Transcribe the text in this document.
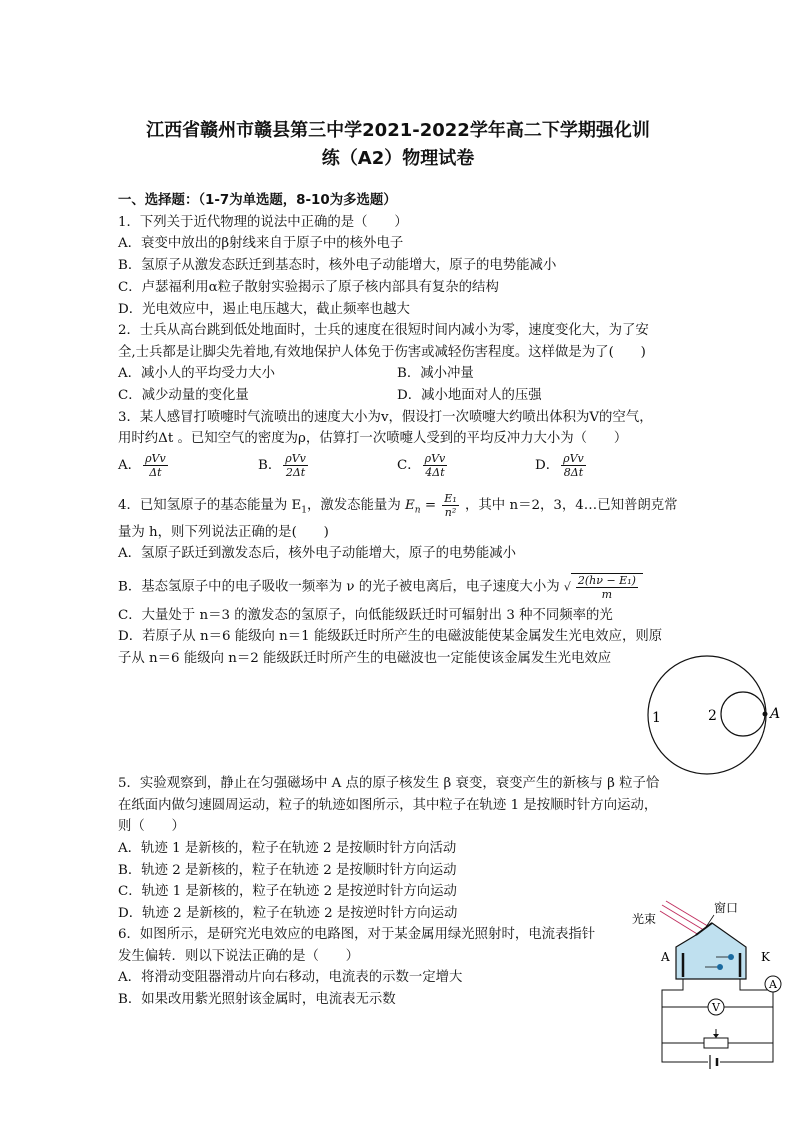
江西省赣州市赣县第三中学2021-2022学年高二下学期强化训
练（A2）物理试卷
一、选择题：（1-7为单选题，8-10为多选题）
1．下列关于近代物理的说法中正确的是（　　）
A．衰变中放出的β射线来自于原子中的核外电子
B．氢原子从激发态跃迁到基态时，核外电子动能增大，原子的电势能减小
C．卢瑟福利用α粒子散射实验揭示了原子核内部具有复杂的结构
D．光电效应中，遏止电压越大，截止频率也越大
2．士兵从高台跳到低处地面时，士兵的速度在很短时间内减小为零，速度变化大，为了安
全,士兵都是让脚尖先着地,有效地保护人体免于伤害或减轻伤害程度。这样做是为了(　　)
A．减小人的平均受力大小	B．减小冲量
C．减少动量的变化量	D．减小地面对人的压强
3．某人感冒打喷嚏时气流喷出的速度大小为v，假设打一次喷嚏大约喷出体积为V的空气，
用时约Δt 。已知空气的密度为ρ，估算打一次喷嚏人受到的平均反冲力大小为（　　）
A． $\frac{\text{ρVv}}{\Delta t}$	B． $\frac{\text{ρVv}}{2\Delta t}$	C． $\frac{\text{ρVv}}{4\Delta t}$	D． $\frac{\text{ρVv}}{8\Delta t}$
4．已知氢原子的基态能量为 $E_1$，激发态能量为 $E_n = \frac{\text{E₁}}{\text{n²}}$ ，其中 n＝2，3，4…已知普朗克常
量为 h，则下列说法正确的是(　　)
A．氢原子跃迁到激发态后，核外电子动能增大，原子的电势能减小
B．基态氢原子中的电子吸收一频率为 ν 的光子被电离后，电子速度大小为 √ $\frac{\text{2(hν − E₁)}}{m}$
C．大量处于 n＝3 的激发态的氢原子，向低能级跃迁时可辐射出 3 种不同频率的光
D．若原子从 n＝6 能级向 n＝1 能级跃迁时所产生的电磁波能使某金属发生光电效应，则原
子从 n＝6 能级向 n＝2 能级跃迁时所产生的电磁波也一定能使该金属发生光电效应
1	2	A
5．实验观察到，静止在匀强磁场中 A 点的原子核发生 β 衰变，衰变产生的新核与 β 粒子恰
在纸面内做匀速圆周运动，粒子的轨迹如图所示，其中粒子在轨迹 1 是按顺时针方向运动，
则（　　）
A．轨迹 1 是新核的，粒子在轨迹 2 是按顺时针方向活动
B．轨迹 2 是新核的，粒子在轨迹 2 是按顺时针方向运动
C．轨迹 1 是新核的，粒子在轨迹 2 是按逆时针方向运动
D．轨迹 2 是新核的，粒子在轨迹 2 是按逆时针方向运动
6．如图所示，是研究光电效应的电路图，对于某金属用绿光照射时，电流表指针
发生偏转．则以下说法正确的是（　　）
A．将滑动变阻器滑动片向右移动，电流表的示数一定增大
B．如果改用紫光照射该金属时，电流表无示数
窗口
光束
A	K
A
V
